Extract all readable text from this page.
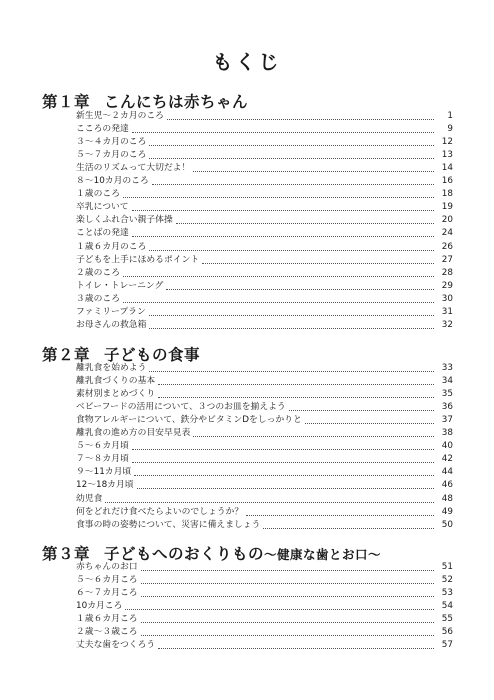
もくじ
第１章 こんにちは赤ちゃん
新生児～２カ月のころ	1
こころの発達	9
３～４カ月のころ	12
５～７カ月のころ	13
生活のリズムって大切だよ！	14
８～10カ月のころ	16
１歳のころ	18
卒乳について	19
楽しくふれ合い親子体操	20
ことばの発達	24
１歳６カ月のころ	26
子どもを上手にほめるポイント	27
２歳のころ	28
トイレ・トレーニング	29
３歳のころ	30
ファミリープラン	31
お母さんの救急箱	32
第２章 子どもの食事
離乳食を始めよう	33
離乳食づくりの基本	34
素材別まとめづくり	35
ベビーフードの活用について、３つのお皿を揃えよう	36
食物アレルギーについて、鉄分やビタミンDをしっかりと	37
離乳食の進め方の目安早見表	38
５～６カ月頃	40
７～８カ月頃	42
９～11カ月頃	44
12～18カ月頃	46
幼児食	48
何をどれだけ食べたらよいのでしょうか？	49
食事の時の姿勢について、災害に備えましょう	50
第３章 子どもへのおくりもの～健康な歯とお口～
赤ちゃんのお口	51
５～６カ月ころ	52
６～７カ月ころ	53
10カ月ころ	54
１歳６カ月ころ	55
２歳～３歳ころ	56
丈夫な歯をつくろう	57
